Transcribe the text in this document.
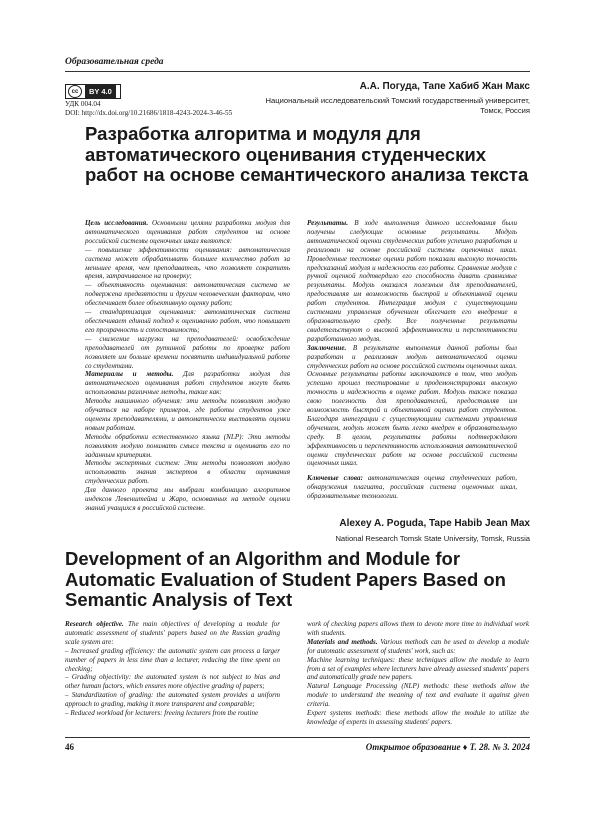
Образовательная среда
cc	BY 4.0
УДК 004.04
DOI: http://dx.doi.org/10.21686/1818-4243-2024-3-46-55
А.А. Погуда, Тапе Хабиб Жан Макс
Национальный исследовательский Томский государственный университет,
Томск, Россия
Разработка алгоритма и модуля для автоматического оценивания студенческих работ на основе семантического анализа текста

Цель исследования. Основными целями разработки модуля для автоматического оценивания работ студентов на основе российской системы оценочных шкал являются:

— повышение эффективности оценивания: автоматическая система может обрабатывать большее количество работ за меньшее время, чем преподаватель, что позволяет сократить время, затрачиваемое на проверку;

— объективность оценивания: автоматическая система не подвержена предвзятости и другим человеческим факторам, что обеспечивает более объективную оценку работ;

— стандартизация оценивания: автоматическая система обеспечивает единый подход к оцениванию работ, что повышает его прозрачность и сопоставимость;

— снижение нагрузки на преподавателей: освобождение преподавателей от рутинной работы по проверке работ позволяет им больше времени посвятить индивидуальной работе со студентами.

Материалы и методы. Для разработки модуля для автоматического оценивания работ студентов могут быть использованы различные методы, такие как:

Методы машинного обучения: эти методы позволяют модулю обучаться на наборе примеров, где работы студентов уже оценены преподавателями, и автоматически выставлять оценки новым работам.

Методы обработки естественного языка (NLP): Эти методы позволяют модулю понимать смысл текста и оценивать его по заданным критериям.

Методы экспертных систем: Эти методы позволяют модулю использовать знания экспертов в области оценивания студенческих работ.

Для данного проекта мы выбрали комбинацию алгоритмов индексов Левенштейна и Жаро, основанных на методе оценки знаний учащихся в российской системе.

Результаты. В ходе выполнения данного исследования были получены следующие основные результаты. Модуль автоматической оценки студенческих работ успешно разработан и реализован на основе российской системы оценочных шкал. Проведенные тестовые оценки работ показали высокую точность предсказаний модуля и надежность его работы. Сравнение модуля с ручной оценкой подтвердило его способность давать сравнимые результаты. Модуль оказался полезным для преподавателей, предоставляя им возможность быстрой и объективной оценки работ студентов. Интеграция модуля с существующими системами управления обучением облегчает его внедрение в образовательную среду. Все полученные результаты свидетельствуют о высокой эффективности и перспективности разработанного модуля.

Заключение. В результате выполнения данной работы был разработан и реализован модуль автоматической оценки студенческих работ на основе российской системы оценочных шкал. Основные результаты работы заключаются в том, что модуль успешно прошел тестирование и продемонстрировал высокую точность и надежность в оценке работ. Модуль также показал свою полезность для преподавателей, предоставляя им возможность быстрой и объективной оценки работ студентов. Благодаря интеграции с существующими системами управления обучением, модуль может быть легко внедрен в образовательную среду. В целом, результаты работы подтверждают эффективность и перспективность использования автоматической оценки студенческих работ на основе российской системы оценочных шкал.

Ключевые слова: автоматическая оценка студенческих работ, обнаружения плагиата, российская система оценочных шкал, образовательные технологии.

Alexey A. Poguda, Tape Habib Jean Max
National Research Tomsk State University, Tomsk, Russia
Development of an Algorithm and Module for Automatic Evaluation of Student Papers Based on Semantic Analysis of Text

Research objective. The main objectives of developing a module for automatic assessment of students' papers based on the Russian grading scale system are:

– Increased grading efficiency: the automatic system can process a larger number of papers in less time than a lecturer, reducing the time spent on checking;

– Grading objectivity: the automated system is not subject to bias and other human factors, which ensures more objective grading of papers;

– Standardization of grading: the automated system provides a uniform approach to grading, making it more transparent and comparable;

– Reduced workload for lecturers: freeing lecturers from the routine

work of checking papers allows them to devote more time to individual work with students.

Materials and methods. Various methods can be used to develop a module for automatic assessment of students' work, such as:

Machine learning techniques: these techniques allow the module to learn from a set of examples where lecturers have already assessed students' papers and automatically grade new papers.

Natural Language Processing (NLP) methods: these methods allow the module to understand the meaning of text and evaluate it against given criteria.

Expert systems methods: these methods allow the module to utilize the knowledge of experts in assessing students' papers.

46	Открытое образование ♦ Т. 28. № 3. 2024
